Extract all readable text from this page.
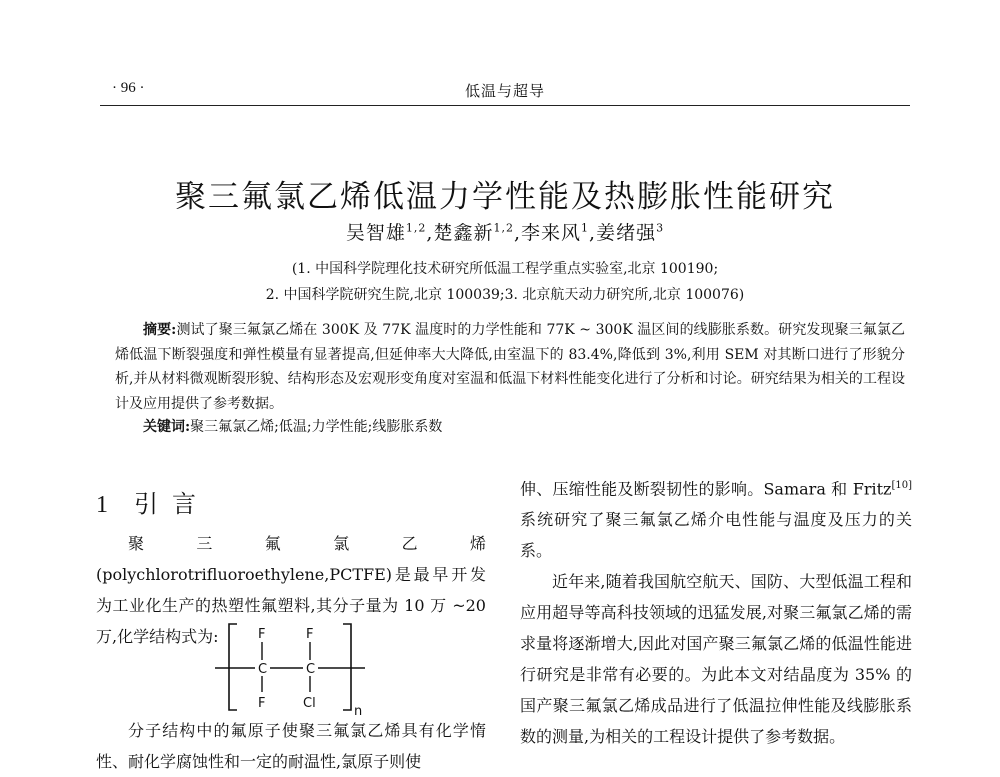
· 96 ·	低温与超导
聚三氟氯乙烯低温力学性能及热膨胀性能研究
吴智雄$^{1,2}$,楚鑫新$^{1,2}$,李来风$^1$,姜绪强$^3$
(1. 中国科学院理化技术研究所低温工程学重点实验室,北京 100190;
2. 中国科学院研究生院,北京 100039;3. 北京航天动力研究所,北京 100076)
摘要:测试了聚三氟氯乙烯在 300K 及 77K 温度时的力学性能和 77K ~ 300K 温区间的线膨胀系数。研究发现聚三氟氯乙烯低温下断裂强度和弹性模量有显著提高,但延伸率大大降低,由室温下的 83.4%,降低到 3%,利用 SEM 对其断口进行了形貌分析,并从材料微观断裂形貌、结构形态及宏观形变角度对室温和低温下材料性能变化进行了分析和讨论。研究结果为相关的工程设计及应用提供了参考数据。
关键词:聚三氟氯乙烯;低温;力学性能;线膨胀系数
1 引言

聚三氟氯乙烯(polychlorotrifluoroethylene,PCTFE)是最早开发为工业化生产的热塑性氟塑料,其分子量为 10 万 ~20 万,化学结构式为:	F	F
C	C
F	Cl
n

分子结构中的氟原子使聚三氟氯乙烯具有化学惰性、耐化学腐蚀性和一定的耐温性,氯原子则使

伸、压缩性能及断裂韧性的影响。Samara 和 Fritz[10]系统研究了聚三氟氯乙烯介电性能与温度及压力的关系。

近年来,随着我国航空航天、国防、大型低温工程和应用超导等高科技领域的迅猛发展,对聚三氟氯乙烯的需求量将逐渐增大,因此对国产聚三氟氯乙烯的低温性能进行研究是非常有必要的。为此本文对结晶度为 35% 的国产聚三氟氯乙烯成品进行了低温拉伸性能及线膨胀系数的测量,为相关的工程设计提供了参考数据。
